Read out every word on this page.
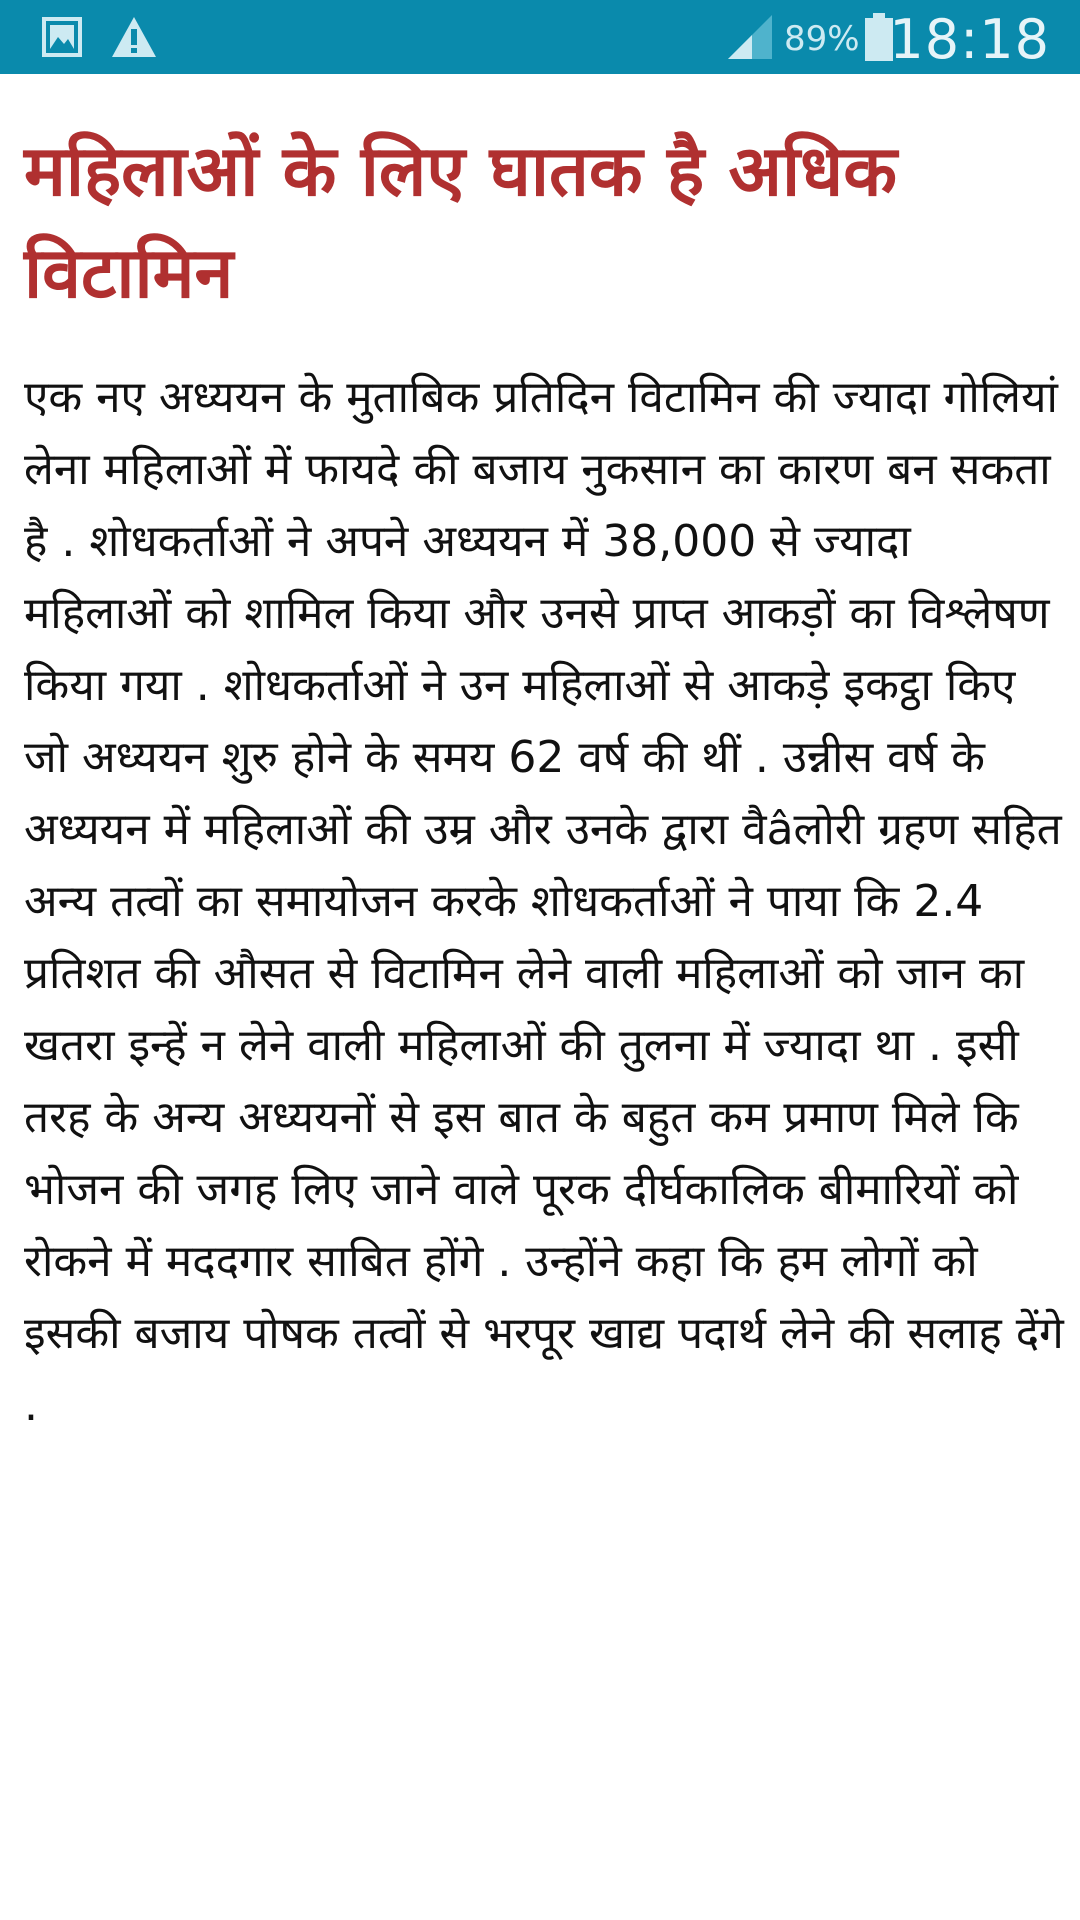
89% 18:18
महिलाओं के लिए घातक है अधिक विटामिन

एक नए अध्ययन के मुताबिक प्रतिदिन विटामिन की ज्यादा गोलियां लेना महिलाओं में फायदे की बजाय नुकसान का कारण बन सकता है . शोधकर्ताओं ने अपने अध्ययन में 38,000 से ज्यादा महिलाओं को शामिल किया और उनसे प्राप्त आकड़ों का विश्लेषण किया गया . शोधकर्ताओं ने उन महिलाओं से आकड़े इकट्ठा किए जो अध्ययन शुरु होने के समय 62 वर्ष की थीं . उन्नीस वर्ष के अध्ययन में महिलाओं की उम्र और उनके द्वारा वैâलोरी ग्रहण सहित अन्य तत्वों का समायोजन करके शोधकर्ताओं ने पाया कि 2.4 प्रतिशत की औसत से विटामिन लेने वाली महिलाओं को जान का खतरा इन्हें न लेने वाली महिलाओं की तुलना में ज्यादा था . इसी तरह के अन्य अध्ययनों से इस बात के बहुत कम प्रमाण मिले कि भोजन की जगह लिए जाने वाले पूरक दीर्घकालिक बीमारियों को रोकने में मददगार साबित होंगे . उन्होंने कहा कि हम लोगों को इसकी बजाय पोषक तत्वों से भरपूर खाद्य पदार्थ लेने की सलाह देंगे .
